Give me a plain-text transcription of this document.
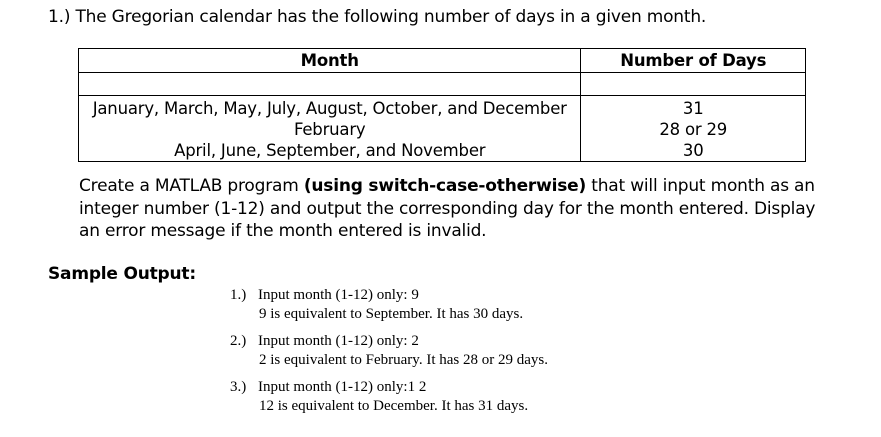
1.) The Gregorian calendar has the following number of days in a given month.
Month	Number of Days

January, March, May, July, August, October, and December	31
February	28 or 29
April, June, September, and November	30
Create a MATLAB program (using switch-case-otherwise) that will input month as an integer number (1-12) and output the corresponding day for the month entered. Display an error message if the month entered is invalid.
Sample Output:
1.) Input month (1-12) only: 9
9 is equivalent to September. It has 30 days.
2.) Input month (1-12) only: 2
2 is equivalent to February. It has 28 or 29 days.
3.) Input month (1-12) only:1 2
12 is equivalent to December. It has 31 days.
